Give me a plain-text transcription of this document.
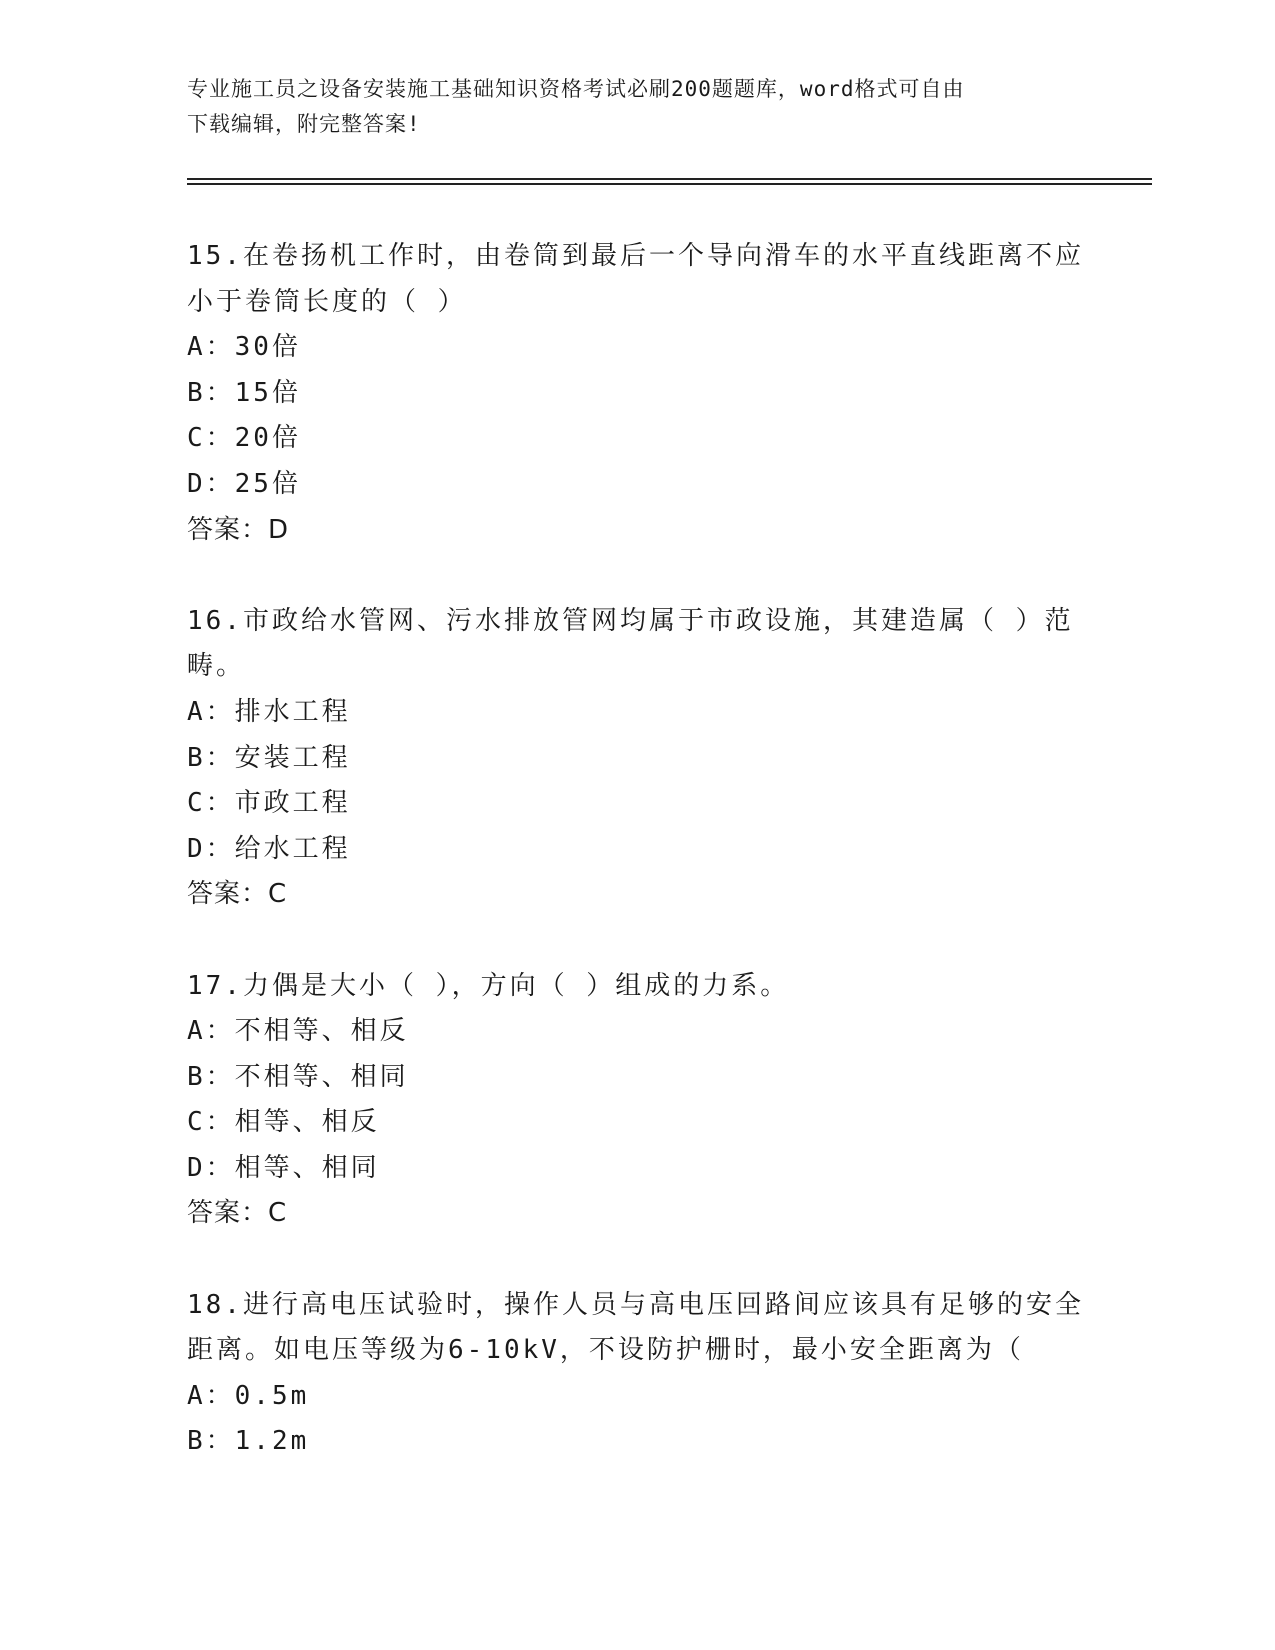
专业施工员之设备安装施工基础知识资格考试必刷200题题库，word格式可自由
下载编辑，附完整答案!
15.在卷扬机工作时，由卷筒到最后一个导向滑车的水平直线距离不应
小于卷筒长度的（ ）
A：30倍
B：15倍
C：20倍
D：25倍
答案：D
16.市政给水管网、污水排放管网均属于市政设施，其建造属（ ）范
畴。
A：排水工程
B：安装工程
C：市政工程
D：给水工程
答案：C
17.力偶是大小（ ），方向（ ）组成的力系。
A：不相等、相反
B：不相等、相同
C：相等、相反
D：相等、相同
答案：C
18.进行高电压试验时，操作人员与高电压回路间应该具有足够的安全
距离。如电压等级为6-10kV，不设防护栅时，最小安全距离为（
A：0.5m
B：1.2m
